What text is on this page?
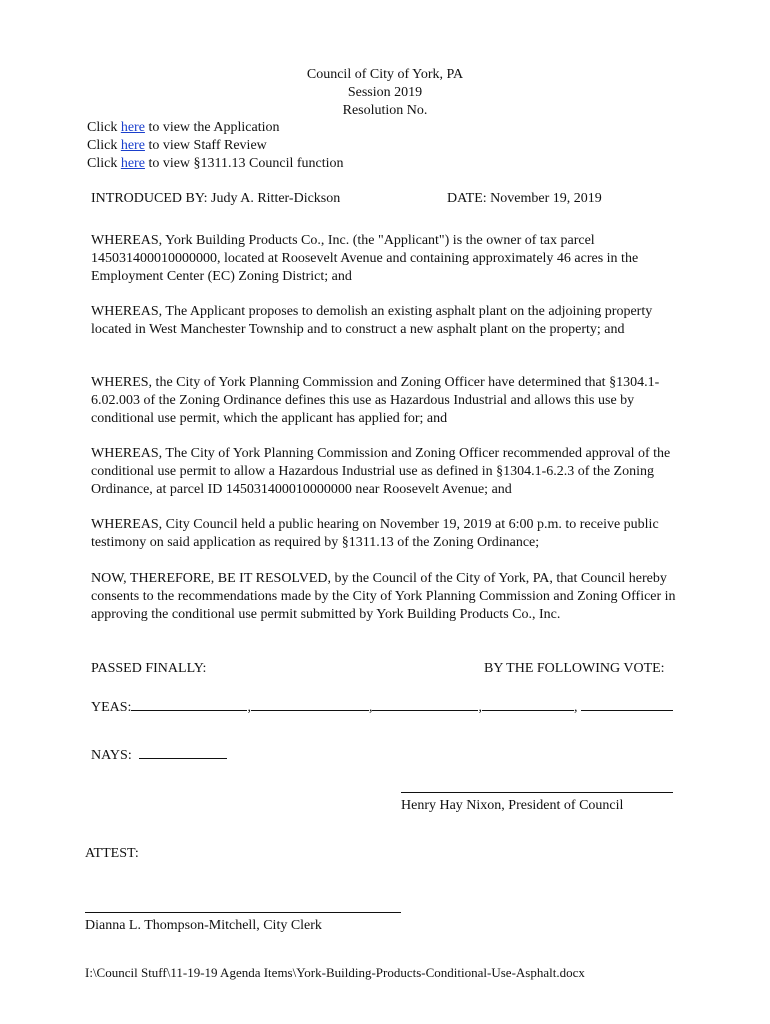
Council of City of York, PA
Session 2019
Resolution No.
Click here to view the Application
Click here to view Staff Review
Click here to view §1311.13 Council function
INTRODUCED BY: Judy A. Ritter-Dickson	DATE: November 19, 2019
WHEREAS, York Building Products Co., Inc. (the "Applicant") is the owner of tax parcel 145031400010000000, located at Roosevelt Avenue and containing approximately 46 acres in the Employment Center (EC) Zoning District; and
WHEREAS, The Applicant proposes to demolish an existing asphalt plant on the adjoining property located in West Manchester Township and to construct a new asphalt plant on the property; and
WHERES, the City of York Planning Commission and Zoning Officer have determined that §1304.1-6.02.003 of the Zoning Ordinance defines this use as Hazardous Industrial and allows this use by conditional use permit, which the applicant has applied for; and
WHEREAS, The City of York Planning Commission and Zoning Officer recommended approval of the conditional use permit to allow a Hazardous Industrial use as defined in §1304.1-6.2.3 of the Zoning Ordinance, at parcel ID 145031400010000000 near Roosevelt Avenue; and
WHEREAS, City Council held a public hearing on November 19, 2019 at 6:00 p.m. to receive public testimony on said application as required by §1311.13 of the Zoning Ordinance;
NOW, THEREFORE, BE IT RESOLVED, by the Council of the City of York, PA, that Council hereby consents to the recommendations made by the City of York Planning Commission and Zoning Officer in approving the conditional use permit submitted by York Building Products Co., Inc.
PASSED FINALLY:	BY THE FOLLOWING VOTE:
YEAS:	,	,	,	,
NAYS:
Henry Hay Nixon, President of Council
ATTEST:
Dianna L. Thompson-Mitchell, City Clerk
I:\Council Stuff\11-19-19 Agenda Items\York-Building-Products-Conditional-Use-Asphalt.docx
